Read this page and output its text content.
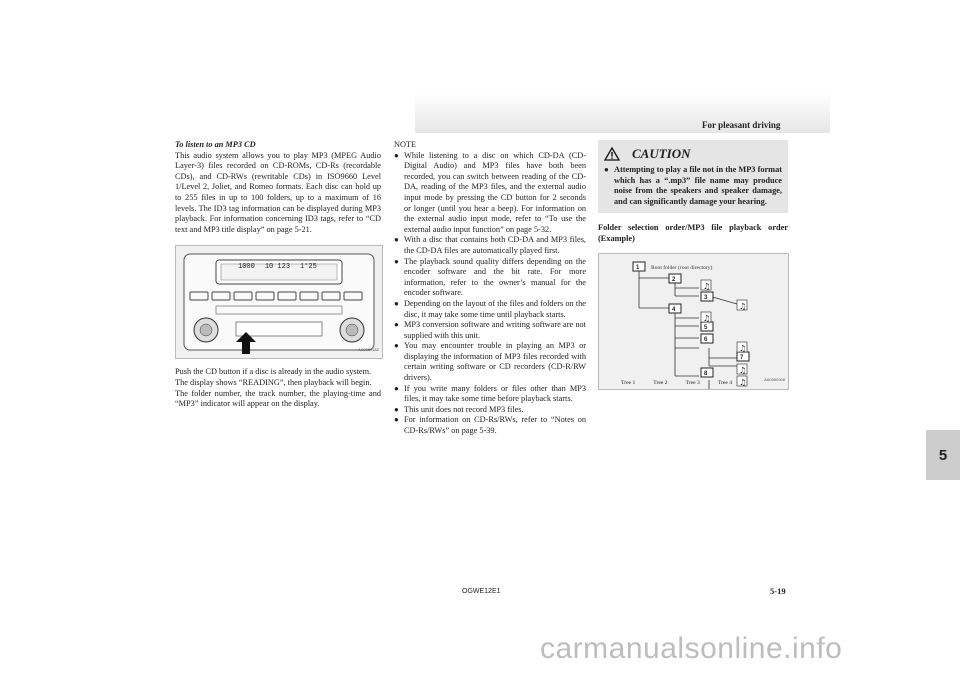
For pleasant driving
5

To listen to an MP3 CD

This audio system allows you to play MP3 (MPEG Audio Layer-3) files recorded on CD-ROMs, CD-Rs (recordable CDs), and CD-RWs (rewritable CDs) in ISO9660 Level 1/Level 2, Joliet, and Romeo formats. Each disc can hold up to 255 files in up to 100 folders, up to a maximum of 16 levels. The ID3 tag information can be displayed during MP3 playback. For information concerning ID3 tags, refer to “CD text and MP3 title display” on page 5-21.

1000 10 123 1°25
AA0052182

Push the CD button if a disc is already in the audio system.

The display shows “READING”, then playback will begin.

The folder number, the track number, the playing-time and “MP3” indicator will appear on the display.

NOTE

● While listening to a disc on which CD-DA (CD-Digital Audio) and MP3 files have both been recorded, you can switch between reading of the CD-DA, reading of the MP3 files, and the external audio input mode by pressing the CD button for 2 seconds or longer (until you hear a beep). For information on the external audio input mode, refer to “To use the external audio input function” on page 5-32.

● With a disc that contains both CD-DA and MP3 files, the CD-DA files are automatically played first.

● The playback sound quality differs depending on the encoder software and the bit rate. For more information, refer to the owner’s manual for the encoder software.

● Depending on the layout of the files and folders on the disc, it may take some time until playback starts.

● MP3 conversion software and writing software are not supplied with this unit.

● You may encounter trouble in playing an MP3 or displaying the information of MP3 files recorded with certain writing software or CD recorders (CD-R/RW drivers).

● If you write many folders or files other than MP3 files, it may take some time before playback starts.

● This unit does not record MP3 files.

● For information on CD-Rs/RWs, refer to “Notes on CD-Rs/RWs” on page 5-39.

CAUTION

● Attempting to play a file not in the MP3 format which has a “.mp3” file name may produce noise from the speakers and speaker damage, and can significantly damage your hearing.

Folder selection order/MP3 file playback order (Example)

1
2
3
4
5
6
7
8
♫
♫
♫
♫
♫
♫
Root folder (root directory)
Tree 1	Tree 2	Tree 3	Tree 4
AA0060308
OGWE12E1	5-19
carmanualsonline.info
